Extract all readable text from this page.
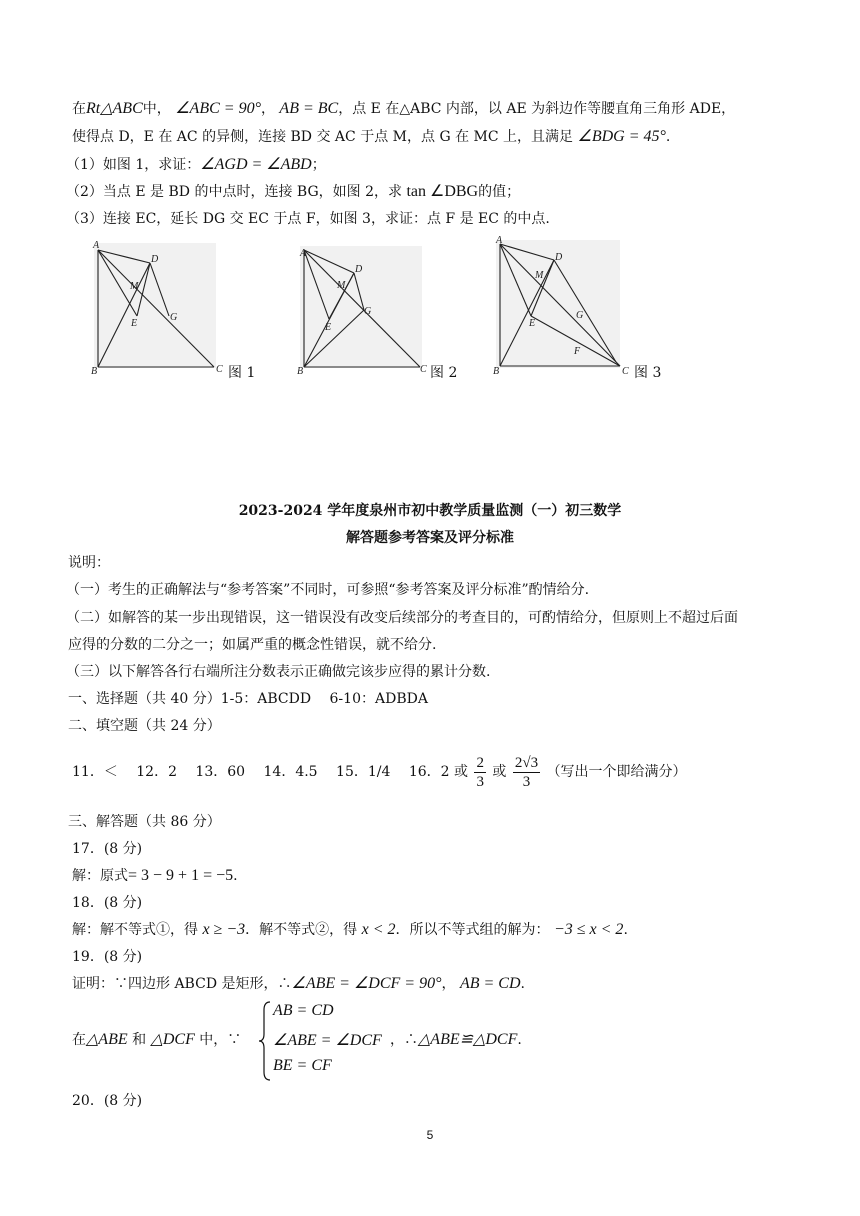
在Rt△ABC中， ∠ABC = 90°， AB = BC，点 E 在△ABC 内部，以 AE 为斜边作等腰直角三角形 ADE，
使得点 D，E 在 AC 的异侧，连接 BD 交 AC 于点 M，点 G 在 MC 上，且满足 ∠BDG = 45°.
（1）如图 1，求证：∠AGD = ∠ABD；
（2）当点 E 是 BD 的中点时，连接 BG，如图 2，求 tan ∠DBG的值；
（3）连接 EC，延长 DG 交 EC 于点 F，如图 3，求证：点 F 是 EC 的中点.
A
B	C
D
M
E
G
图 1
A
B	C
D
M
E
G
图 2
A
B	C
D
M
E
G
F
图 3
2023-2024 学年度泉州市初中教学质量监测（一）初三数学
解答题参考答案及评分标准
说明：
（一）考生的正确解法与“参考答案”不同时，可参照“参考答案及评分标准”酌情给分.
（二）如解答的某一步出现错误，这一错误没有改变后续部分的考查目的，可酌情给分，但原则上不超过后面
应得的分数的二分之一；如属严重的概念性错误，就不给分.
（三）以下解答各行右端所注分数表示正确做完该步应得的累计分数.
一、选择题（共 40 分）1-5：ABCDD　 6-10：ADBDA
二、填空题（共 24 分）
11．＜　 12．2　 13．60　 14．4.5　 15．1/4　 16．2 或 $\frac{2}{3}$ 或 $\frac{2√3}{3}$ （写出一个即给满分）
三、解答题（共 86 分）
17．(8 分)
解：原式= 3 − 9 + 1 = −5.
18．(8 分)
解：解不等式①，得 x ≥ −3．解不等式②，得 x < 2．所以不等式组的解为： −3 ≤ x < 2.
19．(8 分)
证明：∵四边形 ABCD 是矩形，∴∠ABE = ∠DCF = 90°， AB = CD.
在△ABE 和 △DCF 中，∵
AB = CD
∠ABE = ∠DCF
BE = CF
，∴△ABE≌△DCF.
20．(8 分)
5
